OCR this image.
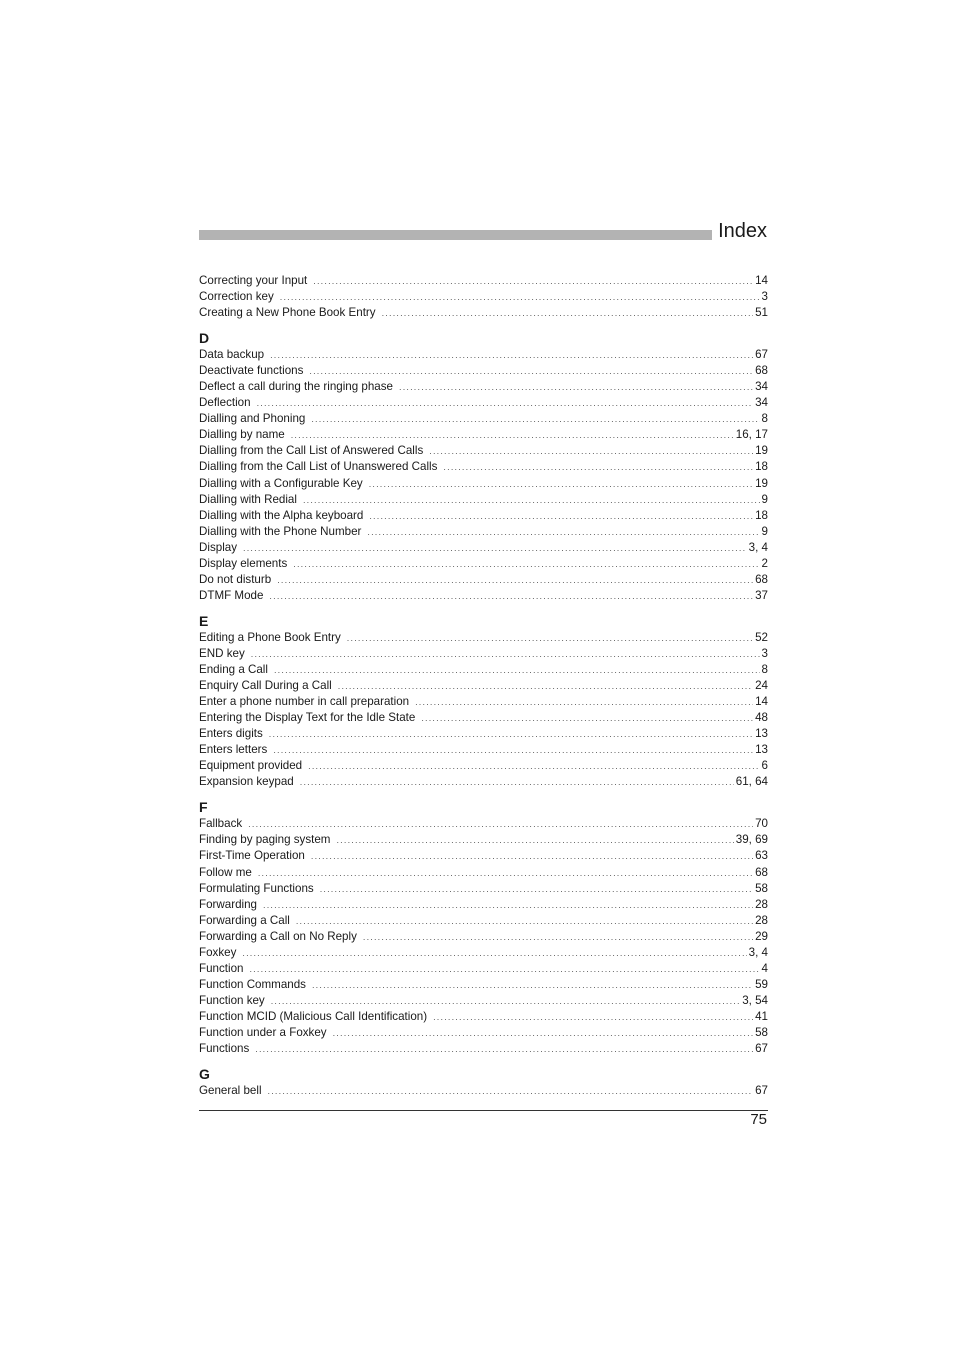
Index
Correcting your Input .....	14
Correction key .....	3
Creating a New Phone Book Entry .....	51
D
Data backup .....	67
Deactivate functions .....	68
Deflect a call during the ringing phase .....	34
Deflection .....	34
Dialling and Phoning .....	8
Dialling by name .....	16, 17
Dialling from the Call List of Answered Calls .....	19
Dialling from the Call List of Unanswered Calls .....	18
Dialling with a Configurable Key .....	19
Dialling with Redial .....	9
Dialling with the Alpha keyboard .....	18
Dialling with the Phone Number .....	9
Display .....	3, 4
Display elements .....	2
Do not disturb .....	68
DTMF Mode .....	37
E
Editing a Phone Book Entry .....	52
END key .....	3
Ending a Call .....	8
Enquiry Call During a Call .....	24
Enter a phone number in call preparation .....	14
Entering the Display Text for the Idle State .....	48
Enters digits .....	13
Enters letters .....	13
Equipment provided .....	6
Expansion keypad .....	61, 64
F
Fallback .....	70
Finding by paging system .....	39, 69
First-Time Operation .....	63
Follow me .....	68
Formulating Functions .....	58
Forwarding .....	28
Forwarding a Call .....	28
Forwarding a Call on No Reply .....	29
Foxkey .....	3, 4
Function .....	4
Function Commands .....	59
Function key .....	3, 54
Function MCID (Malicious Call Identification) .....	41
Function under a Foxkey .....	58
Functions .....	67
G
General bell .....	67
75
